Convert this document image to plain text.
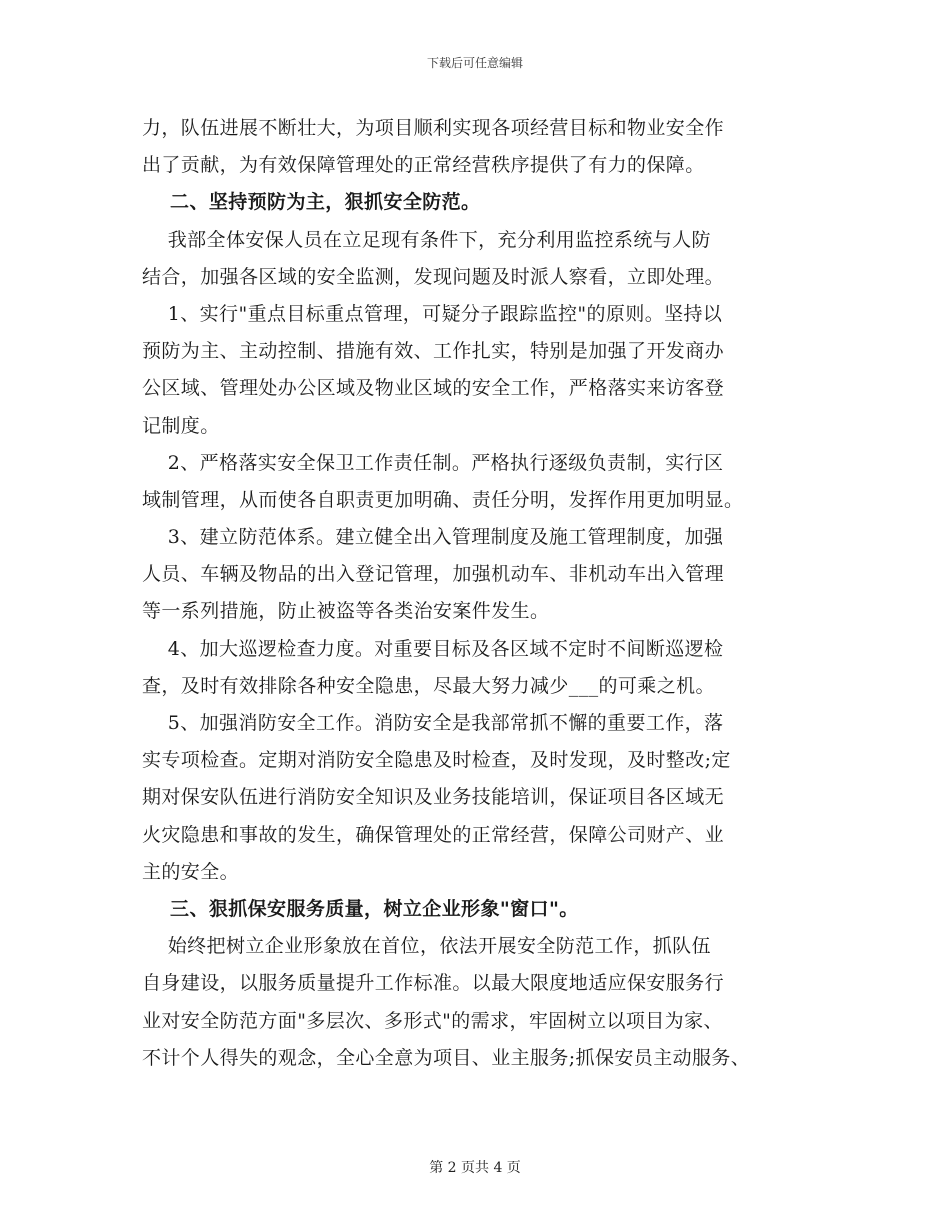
下载后可任意编辑
力，队伍进展不断壮大，为项目顺利实现各项经营目标和物业安全作
出了贡献，为有效保障管理处的正常经营秩序提供了有力的保障。
二、坚持预防为主，狠抓安全防范。
我部全体安保人员在立足现有条件下，充分利用监控系统与人防
结合，加强各区域的安全监测，发现问题及时派人察看，立即处理。
1、实行"重点目标重点管理，可疑分子跟踪监控"的原则。坚持以
预防为主、主动控制、措施有效、工作扎实，特别是加强了开发商办
公区域、管理处办公区域及物业区域的安全工作，严格落实来访客登
记制度。
2、严格落实安全保卫工作责任制。严格执行逐级负责制，实行区
域制管理，从而使各自职责更加明确、责任分明，发挥作用更加明显。
3、建立防范体系。建立健全出入管理制度及施工管理制度，加强
人员、车辆及物品的出入登记管理，加强机动车、非机动车出入管理
等一系列措施，防止被盗等各类治安案件发生。
4、加大巡逻检查力度。对重要目标及各区域不定时不间断巡逻检
查，及时有效排除各种安全隐患，尽最大努力减少___的可乘之机。
5、加强消防安全工作。消防安全是我部常抓不懈的重要工作，落
实专项检查。定期对消防安全隐患及时检查，及时发现，及时整改;定
期对保安队伍进行消防安全知识及业务技能培训，保证项目各区域无
火灾隐患和事故的发生，确保管理处的正常经营，保障公司财产、业
主的安全。
三、狠抓保安服务质量，树立企业形象"窗口"。
始终把树立企业形象放在首位，依法开展安全防范工作，抓队伍
自身建设，以服务质量提升工作标准。以最大限度地适应保安服务行
业对安全防范方面"多层次、多形式"的需求，牢固树立以项目为家、
不计个人得失的观念，全心全意为项目、业主服务;抓保安员主动服务、
第 2 页共 4 页
